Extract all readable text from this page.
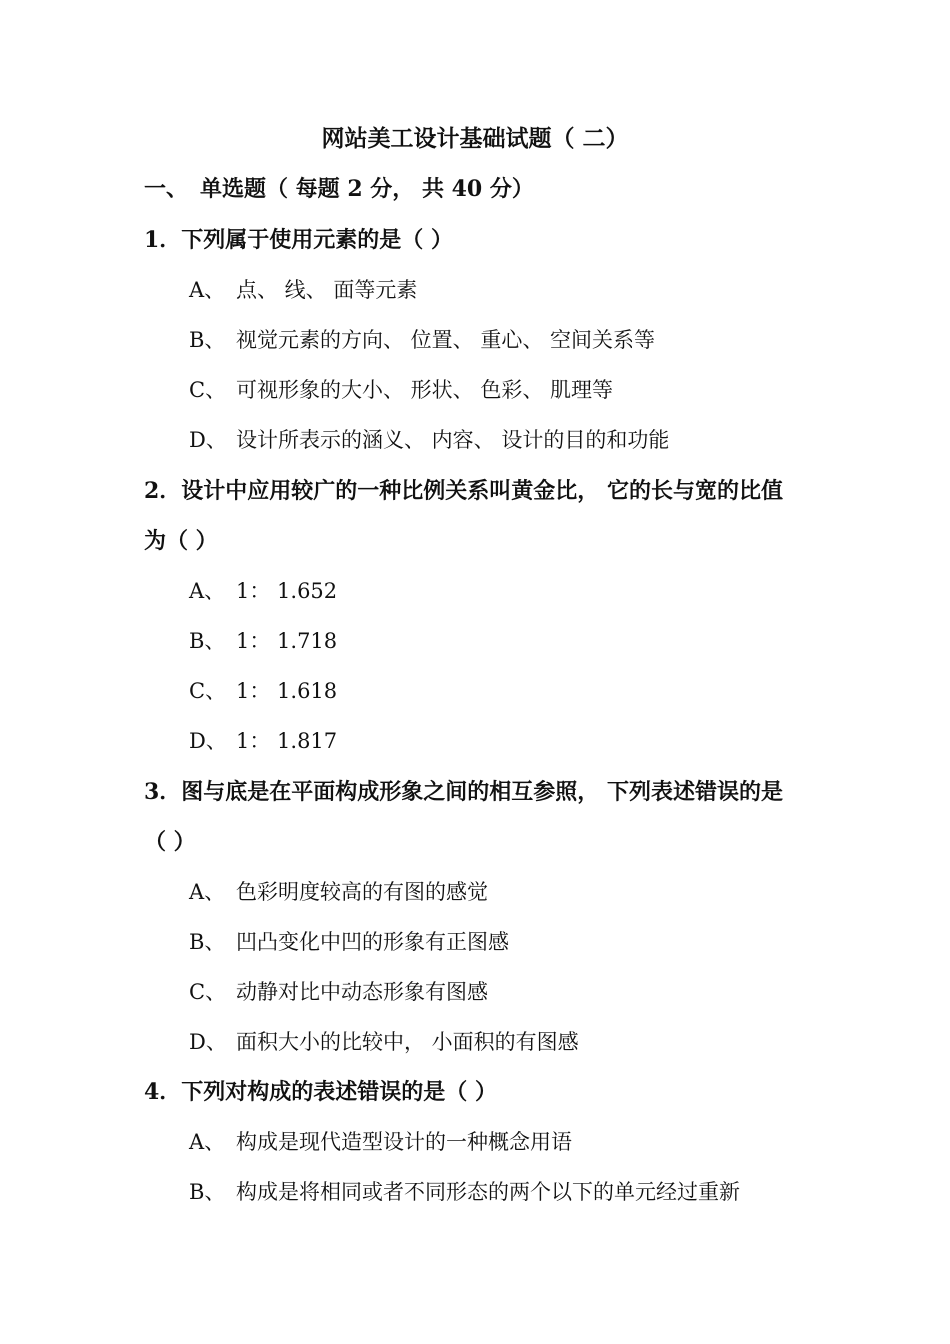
网站美工设计基础试题（ 二）
一、 单选题（ 每题 2 分， 共 40 分）
1．下列属于使用元素的是（ ）
A、 点、 线、 面等元素
B、 视觉元素的方向、 位置、 重心、 空间关系等
C、 可视形象的大小、 形状、 色彩、 肌理等
D、 设计所表示的涵义、 内容、 设计的目的和功能
2．设计中应用较广的一种比例关系叫黄金比， 它的长与宽的比值
为（ ）
A、 1： 1.652
B、 1： 1.718
C、 1： 1.618
D、 1： 1.817
3．图与底是在平面构成形象之间的相互参照， 下列表述错误的是
（ ）
A、 色彩明度较高的有图的感觉
B、 凹凸变化中凹的形象有正图感
C、 动静对比中动态形象有图感
D、 面积大小的比较中， 小面积的有图感
4．下列对构成的表述错误的是（ ）
A、 构成是现代造型设计的一种概念用语
B、 构成是将相同或者不同形态的两个以下的单元经过重新
